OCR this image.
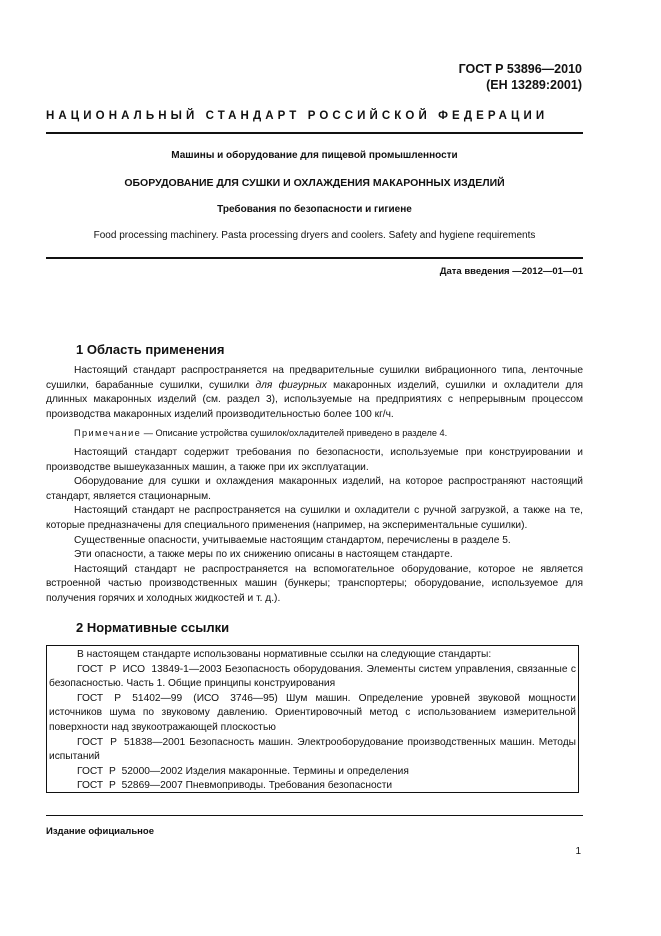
ГОСТ Р 53896—2010
(ЕН 13289:2001)
НАЦИОНАЛЬНЫЙ СТАНДАРТ РОССИЙСКОЙ ФЕДЕРАЦИИ
Машины и оборудование для пищевой промышленности
ОБОРУДОВАНИЕ ДЛЯ СУШКИ И ОХЛАЖДЕНИЯ МАКАРОННЫХ ИЗДЕЛИЙ
Требования по безопасности и гигиене
Food processing machinery. Pasta processing dryers and coolers. Safety and hygiene requirements
Дата введения —2012—01—01
1 Область применения

Настоящий стандарт распространяется на предварительные сушилки вибрационного типа, ленточные сушилки, барабанные сушилки, сушилки для фигурных макаронных изделий, сушилки и охладители для длинных макаронных изделий (см. раздел 3), используемые на предприятиях с непрерывным процессом производства макаронных изделий производительностью более 100 кг/ч.

Примечание — Описание устройства сушилок/охладителей приведено в разделе 4.

Настоящий стандарт содержит требования по безопасности, используемые при конструировании и производстве вышеуказанных машин, а также при их эксплуатации.

Оборудование для сушки и охлаждения макаронных изделий, на которое распространяют настоящий стандарт, является стационарным.

Настоящий стандарт не распространяется на сушилки и охладители с ручной загрузкой, а также на те, которые предназначены для специального применения (например, на экспериментальные сушилки).

Существенные опасности, учитываемые настоящим стандартом, перечислены в разделе 5.

Эти опасности, а также меры по их снижению описаны в настоящем стандарте.

Настоящий стандарт не распространяется на вспомогательное оборудование, которое не является встроенной частью производственных машин (бункеры; транспортеры; оборудование, используемое для получения горячих и холодных жидкостей и т. д.).

2 Нормативные ссылки

В настоящем стандарте использованы нормативные ссылки на следующие стандарты:

ГОСТ Р ИСО 13849-1—2003 Безопасность оборудования. Элементы систем управления, связанные с безопасностью. Часть 1. Общие принципы конструирования

ГОСТ Р 51402—99 (ИСО 3746—95) Шум машин. Определение уровней звуковой мощности источников шума по звуковому давлению. Ориентировочный метод с использованием измерительной поверхности над звукоотражающей плоскостью

ГОСТ Р 51838—2001 Безопасность машин. Электрооборудование производственных машин. Методы испытаний

ГОСТ Р 52000—2002 Изделия макаронные. Термины и определения

ГОСТ Р 52869—2007 Пневмоприводы. Требования безопасности

Издание официальное
1
